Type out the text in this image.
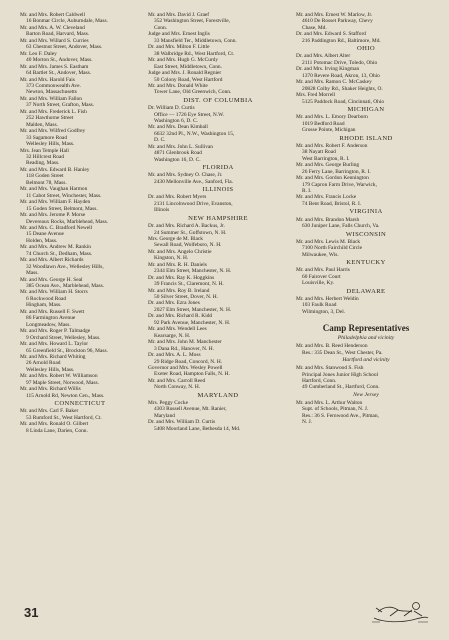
Mr. and Mrs. Robert Caldwell
16 Bonmar Circle, Auburndale, Mass.
Mr. and Mrs. A. W. Cleveland
Barton Road, Harvard, Mass.
Mr. and Mrs. Willard S. Curries
63 Chestnut Street, Andover, Mass.
Mr. Leo F. Daley
40 Morton St., Andover, Mass.
Mr. and Mrs. James S. Eastham
64 Bartlet St., Andover, Mass.
Mr. and Mrs. Harold Fais
373 Commonwealth Ave.
Newton, Massachusetts
Mr. and Mrs. William Fallon
37 North Street, Grafton, Mass.
Mr. and Mrs. Frederick L. Fish
252 Hawthorne Street
Malden, Mass.
Mr. and Mrs. Wilfred Godfrey
33 Sagamore Road
Wellesley Hills, Mass.
Mrs. Jean Temple Hall
32 Hillcrest Road
Reading, Mass.
Mr. and Mrs. Edward B. Hanley
118 Goden Street
Belmont 78, Mass.
Mr. and Mrs. Vaughan Harmon
11 Cabot Street, Winchester, Mass.
Mr. and Mrs. William F. Hayden
15 Goden Street, Belmont, Mass.
Mr. and Mrs. Jerome P. Morse
Devereaux Rocks, Marblehead, Mass.
Mr. and Mrs. C. Bradford Newell
15 Deane Avenue
Holden, Mass.
Mr. and Mrs. Andrew M. Rankin
74 Church St., Dedham, Mass.
Mr. and Mrs. Albert Richards
32 Woodlawn Ave., Wellesley Hills,
Mass.
Mr. and Mrs. George H. Seal
385 Ocean Ave., Marblehead, Mass.
Mr. and Mrs. William H. Storrs
6 Rockwood Road
Hingham, Mass.
Mr. and Mrs. Russell F. Swett
86 Farmington Avenue
Longmeadow, Mass.
Mr. and Mrs. Roger P. Talmadge
9 Orchard Street, Wellesley, Mass.
Mr. and Mrs. Howard L. Taylor
65 Greenfield St., Brockton 96, Mass.
Mr. and Mrs. Richard Whiting
26 Arnold Road
Wellesley Hills, Mass.
Mr. and Mrs. Robert W. Williamson
97 Maple Street, Norwood, Mass.
Mr. and Mrs. Richard Willis
115 Arnold Rd, Newton Cen., Mass.
CONNECTICUT
Mr. and Mrs. Carl F. Baker
53 Rumford St., West Hartford, Ct.
Mr. and Mrs. Ronald O. Gilbert
8 Linda Lane, Darien, Conn.
Mr. and Mrs. David J. Graef
352 Washington Street, Forestville,
Conn.
Judge and Mrs. Ernest Inglis
33 Mansfield Ter., Middletown, Conn.
Dr. and Mrs. Milton F. Little
38 Walbridge Rd., West Hartford, Ct.
Mr. and Mrs. Hugh G. McCurdy
East Street, Middletown, Conn.
Judge and Mrs. J. Ronald Regnier
50 Colony Road, West Hartford
Mr. and Mrs. Donald White
Tower Lane, Old Greenwich, Conn.
DIST. OF COLUMBIA
Dr. William D. Curtis
Office — 1726 Eye Street, N.W.
Washington 6, D. C.
Mr. and Mrs. Dean Kimball
6632 32nd Pl., N.W., Washington 15,
D. C.
Mr. and Mrs. John L. Sullivan
4871 Glenbrook Road
Washington 16, D. C.
FLORIDA
Mr. and Mrs. Sydney O. Chase, Jr.
2430 Mellonville Ave., Sanford, Fla.
ILLINOIS
Dr. and Mrs. Robert Myers
2131 Lincolnwood Drive, Evanston,
Illinois
NEW HAMPSHIRE
Dr. and Mrs. Richard A. Backus, Jr.
24 Summer St., Goffstown, N. H.
Mrs. George de M. Black
Sewall Road, Wolfeboro, N. H.
Mr. and Mrs. Angelo Christie
Kingston, N. H.
Mr. and Mrs. R. H. Daniels
2344 Elm Street, Manchester, N. H.
Dr. and Mrs. Ray K. Hoggkins
39 Francis St., Claremont, N. H.
Mr. and Mrs. Roy B. Ireland
50 Silver Street, Dover, N. H.
Dr. and Mrs. Ezra Jones
2027 Elm Street, Manchester, N. H.
Dr. and Mrs. Richard R. Kidd
92 Park Avenue, Manchester, N. H.
Mr. and Mrs. Wendell Lees
Kearsarge, N. H.
Mr. and Mrs. John M. Manchester
3 Dana Rd., Hanover, N. H.
Dr. and Mrs. A. L. Moss
29 Ridge Road, Concord, N. H.
Governor and Mrs. Wesley Powell
Exeter Road, Hampton Falls, N. H.
Mr. and Mrs. Carroll Reed
North Conway, N. H.
MARYLAND
Mrs. Peggy Cocke
4303 Russell Avenue, Mt. Ranier,
Maryland
Dr. and Mrs. William D. Curtis
5408 Moorland Lane, Bethesda 14, Md.
Mr. and Mrs. Ernest W. Marlow, Jr.
4610 De Rosset Parkway, Chevy
Chase, Md.
Dr. and Mrs. Edward S. Stafford
216 Paddington Rd., Baltimore, Md.
OHIO
Dr. and Mrs. Albert Alter
2111 Potomac Drive, Toledo, Ohio
Dr. and Mrs. Irving Kingman
1370 Revere Road, Akron, 13, Ohio
Mr. and Mrs. Ramon C. McCaskey
20828 Colby Rd., Shaker Heights, O.
Mrs. Fred Morrell
5125 Paddock Road, Cincinnati, Ohio
MICHIGAN
Mr. and Mrs. L. Emory Dearborn
1019 Bedford Road
Grosse Pointe, Michigan
RHODE ISLAND
Mr. and Mrs. Robert F. Anderson
38 Nayatt Road
West Barrington, R. I.
Mr. and Mrs. George Burling
26 Ferry Lane, Barrington, R. I.
Mr. and Mrs. Gordon Kennington
179 Capron Farm Drive, Warwick,
R. I.
Mr. and Mrs. Francis Locke
74 Bent Road, Bristol, R. I.
VIRGINIA
Mr. and Mrs. Brandon Marsh
630 Juniper Lane, Falls Church, Va.
WISCONSIN
Mr. and Mrs. Lewis M. Black
7100 North Fairchild Circle
Milwaukee, Wis.
KENTUCKY
Mr. and Mrs. Paul Harris
60 Fairover Court
Louisville, Ky.
DELAWARE
Mr. and Mrs. Herbert Weldin
103 Faulk Road
Wilmington, 3, Del.
Camp Representatives
Philadelphia and vicinity
Mr. and Mrs. B. Reed Henderson
Res.: 335 Dean St., West Chester, Pa.
Hartford and vicinity
Mr. and Mrs. Stanwood S. Fish
Principal Jones Junior High School
Hartford, Conn.
49 Cumberland St., Hartford, Conn.
New Jersey
Mr. and Mrs. L. Arthur Walton
Supt. of Schools, Pitman, N. J.
Res.: 36 S. Fernwood Ave., Pitman,
N. J.
31
